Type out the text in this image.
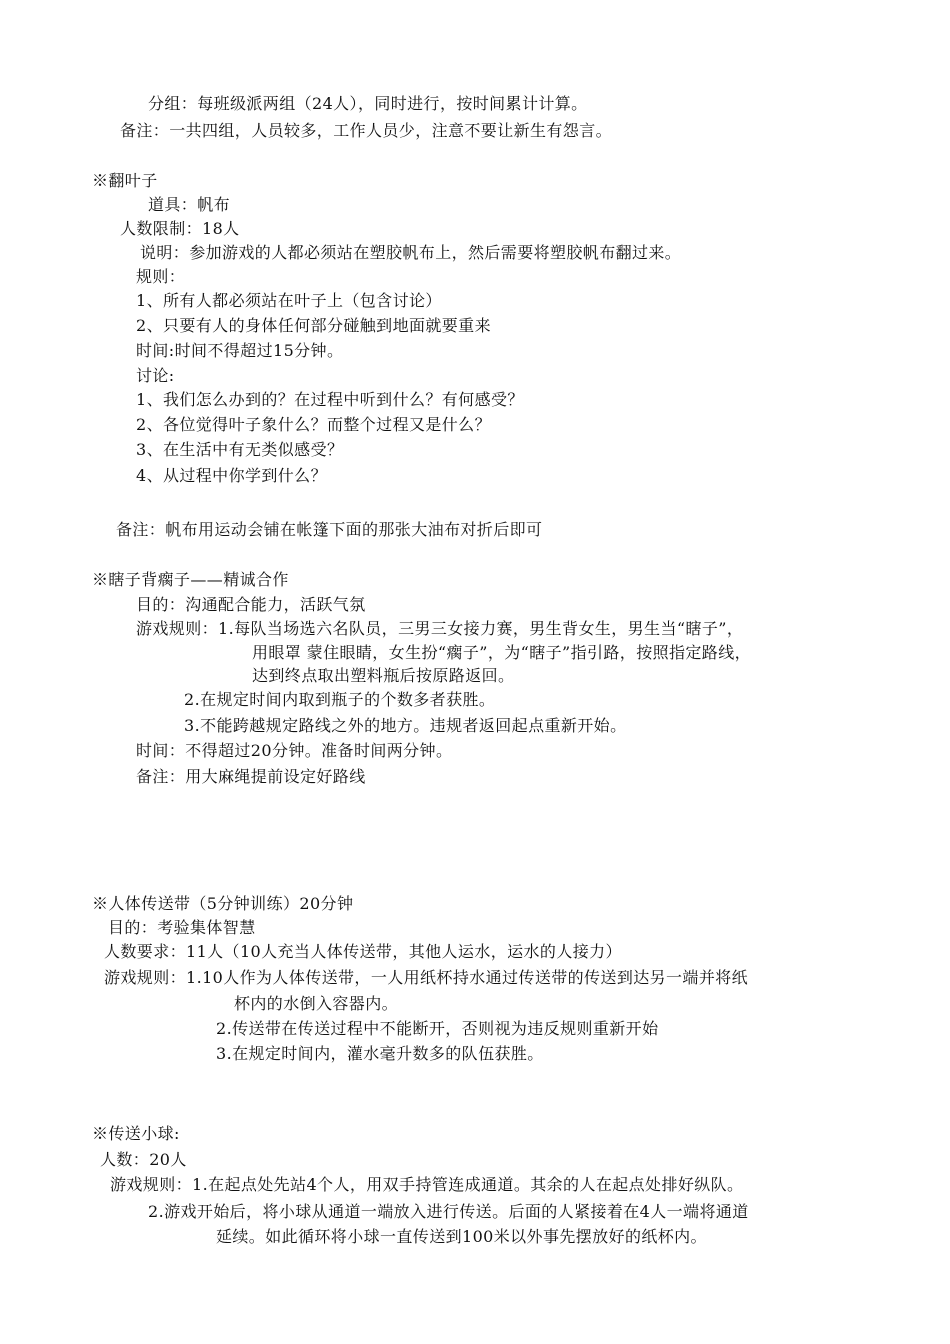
分组：每班级派两组（24人），同时进行，按时间累计计算。
备注：一共四组，人员较多，工作人员少，注意不要让新生有怨言。
※翻叶子
道具：帆布
人数限制：18人
说明：参加游戏的人都必须站在塑胶帆布上，然后需要将塑胶帆布翻过来。
规则：
1、所有人都必须站在叶子上（包含讨论）
2、只要有人的身体任何部分碰触到地面就要重来
时间:时间不得超过15分钟。
讨论:
1、我们怎么办到的？在过程中听到什么？有何感受？
2、各位觉得叶子象什么？而整个过程又是什么？
3、在生活中有无类似感受？
4、从过程中你学到什么？
备注：帆布用运动会铺在帐篷下面的那张大油布对折后即可
※瞎子背瘸子——精诚合作
目的：沟通配合能力，活跃气氛
游戏规则：1.每队当场选六名队员，三男三女接力赛，男生背女生，男生当“瞎子”，
用眼罩 蒙住眼睛，女生扮“瘸子”，为“瞎子”指引路，按照指定路线，
达到终点取出塑料瓶后按原路返回。
2.在规定时间内取到瓶子的个数多者获胜。
3.不能跨越规定路线之外的地方。违规者返回起点重新开始。
时间：不得超过20分钟。准备时间两分钟。
备注：用大麻绳提前设定好路线
※人体传送带（5分钟训练）20分钟
目的：考验集体智慧
人数要求：11人（10人充当人体传送带，其他人运水，运水的人接力）
游戏规则：1.10人作为人体传送带，一人用纸杯持水通过传送带的传送到达另一端并将纸
杯内的水倒入容器内。
2.传送带在传送过程中不能断开，否则视为违反规则重新开始
3.在规定时间内，灌水毫升数多的队伍获胜。
※传送小球:
人数：20人
游戏规则：1.在起点处先站4个人，用双手持管连成通道。其余的人在起点处排好纵队。
2.游戏开始后，将小球从通道一端放入进行传送。后面的人紧接着在4人一端将通道
延续。如此循环将小球一直传送到100米以外事先摆放好的纸杯内。
